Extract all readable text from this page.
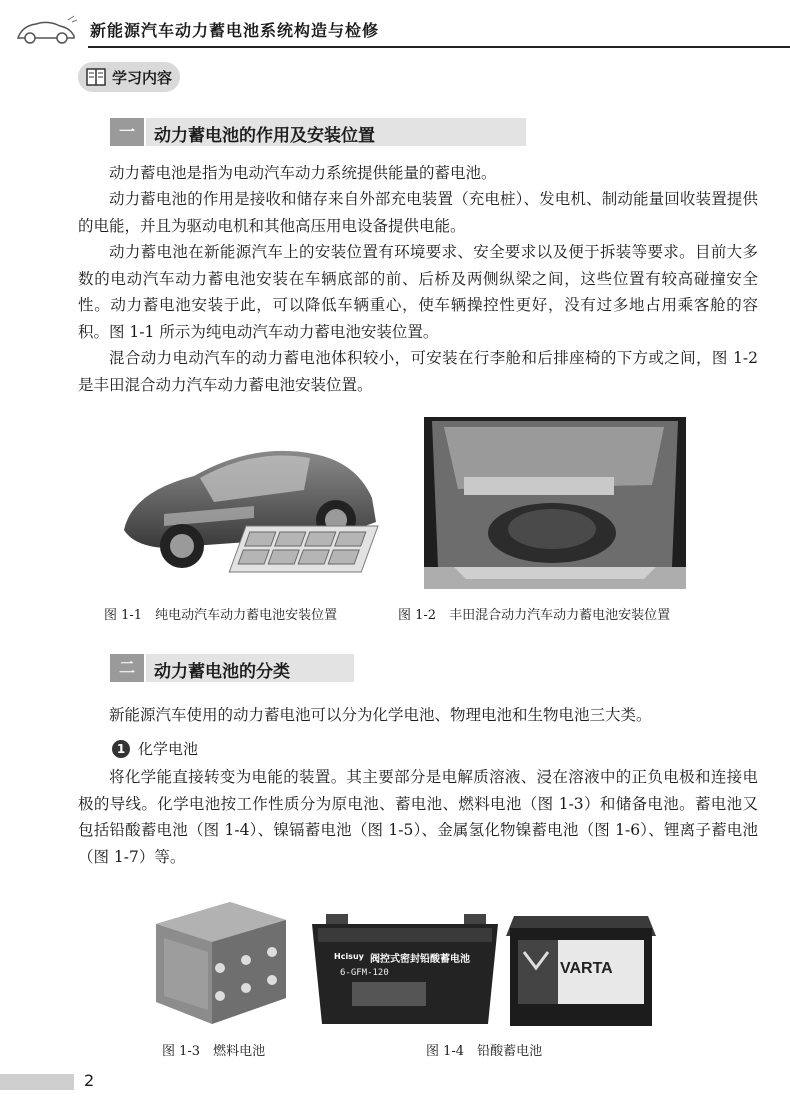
新能源汽车动力蓄电池系统构造与检修
学习内容
一	动力蓄电池的作用及安装位置

动力蓄电池是指为电动汽车动力系统提供能量的蓄电池。

动力蓄电池的作用是接收和储存来自外部充电装置（充电桩）、发电机、制动能量回收装置提供的电能，并且为驱动电机和其他高压用电设备提供电能。

动力蓄电池在新能源汽车上的安装位置有环境要求、安全要求以及便于拆装等要求。目前大多数的电动汽车动力蓄电池安装在车辆底部的前、后桥及两侧纵梁之间，这些位置有较高碰撞安全性。动力蓄电池安装于此，可以降低车辆重心，使车辆操控性更好，没有过多地占用乘客舱的容积。图 1-1 所示为纯电动汽车动力蓄电池安装位置。

混合动力电动汽车的动力蓄电池体积较小，可安装在行李舱和后排座椅的下方或之间，图 1-2 是丰田混合动力汽车动力蓄电池安装位置。

图 1-1　纯电动汽车动力蓄电池安装位置	图 1-2　丰田混合动力汽车动力蓄电池安装位置
二	动力蓄电池的分类

新能源汽车使用的动力蓄电池可以分为化学电池、物理电池和生物电池三大类。

1 化学电池

将化学能直接转变为电能的装置。其主要部分是电解质溶液、浸在溶液中的正负电极和连接电极的导线。化学电池按工作性质分为原电池、蓄电池、燃料电池（图 1-3）和储备电池。蓄电池又包括铅酸蓄电池（图 1-4）、镍镉蓄电池（图 1-5）、金属氢化物镍蓄电池（图 1-6）、锂离子蓄电池（图 1-7）等。

Hcisuy 阀控式密封铅酸蓄电池
6-GFM-120	VARTA
图 1-3　燃料电池	图 1-4　铅酸蓄电池
2
